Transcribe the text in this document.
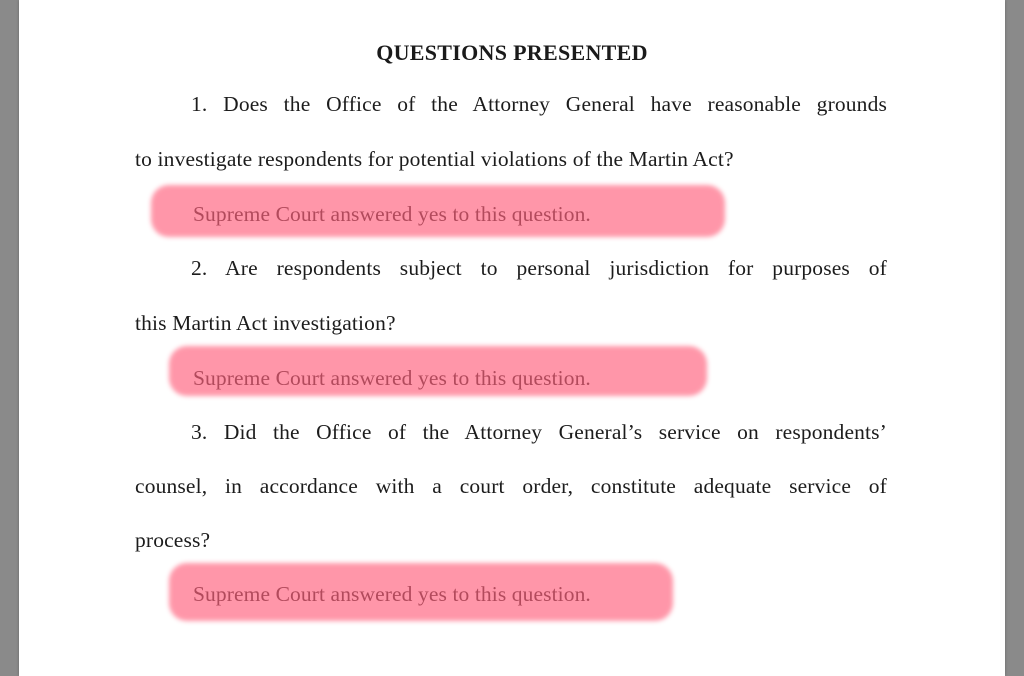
QUESTIONS PRESENTED
1. Does the Office of the Attorney General have reasonable grounds
to investigate respondents for potential violations of the Martin Act?
Supreme Court answered yes to this question.
2. Are respondents subject to personal jurisdiction for purposes of
this Martin Act investigation?
Supreme Court answered yes to this question.
3. Did the Office of the Attorney General’s service on respondents’
counsel, in accordance with a court order, constitute adequate service of
process?
Supreme Court answered yes to this question.
